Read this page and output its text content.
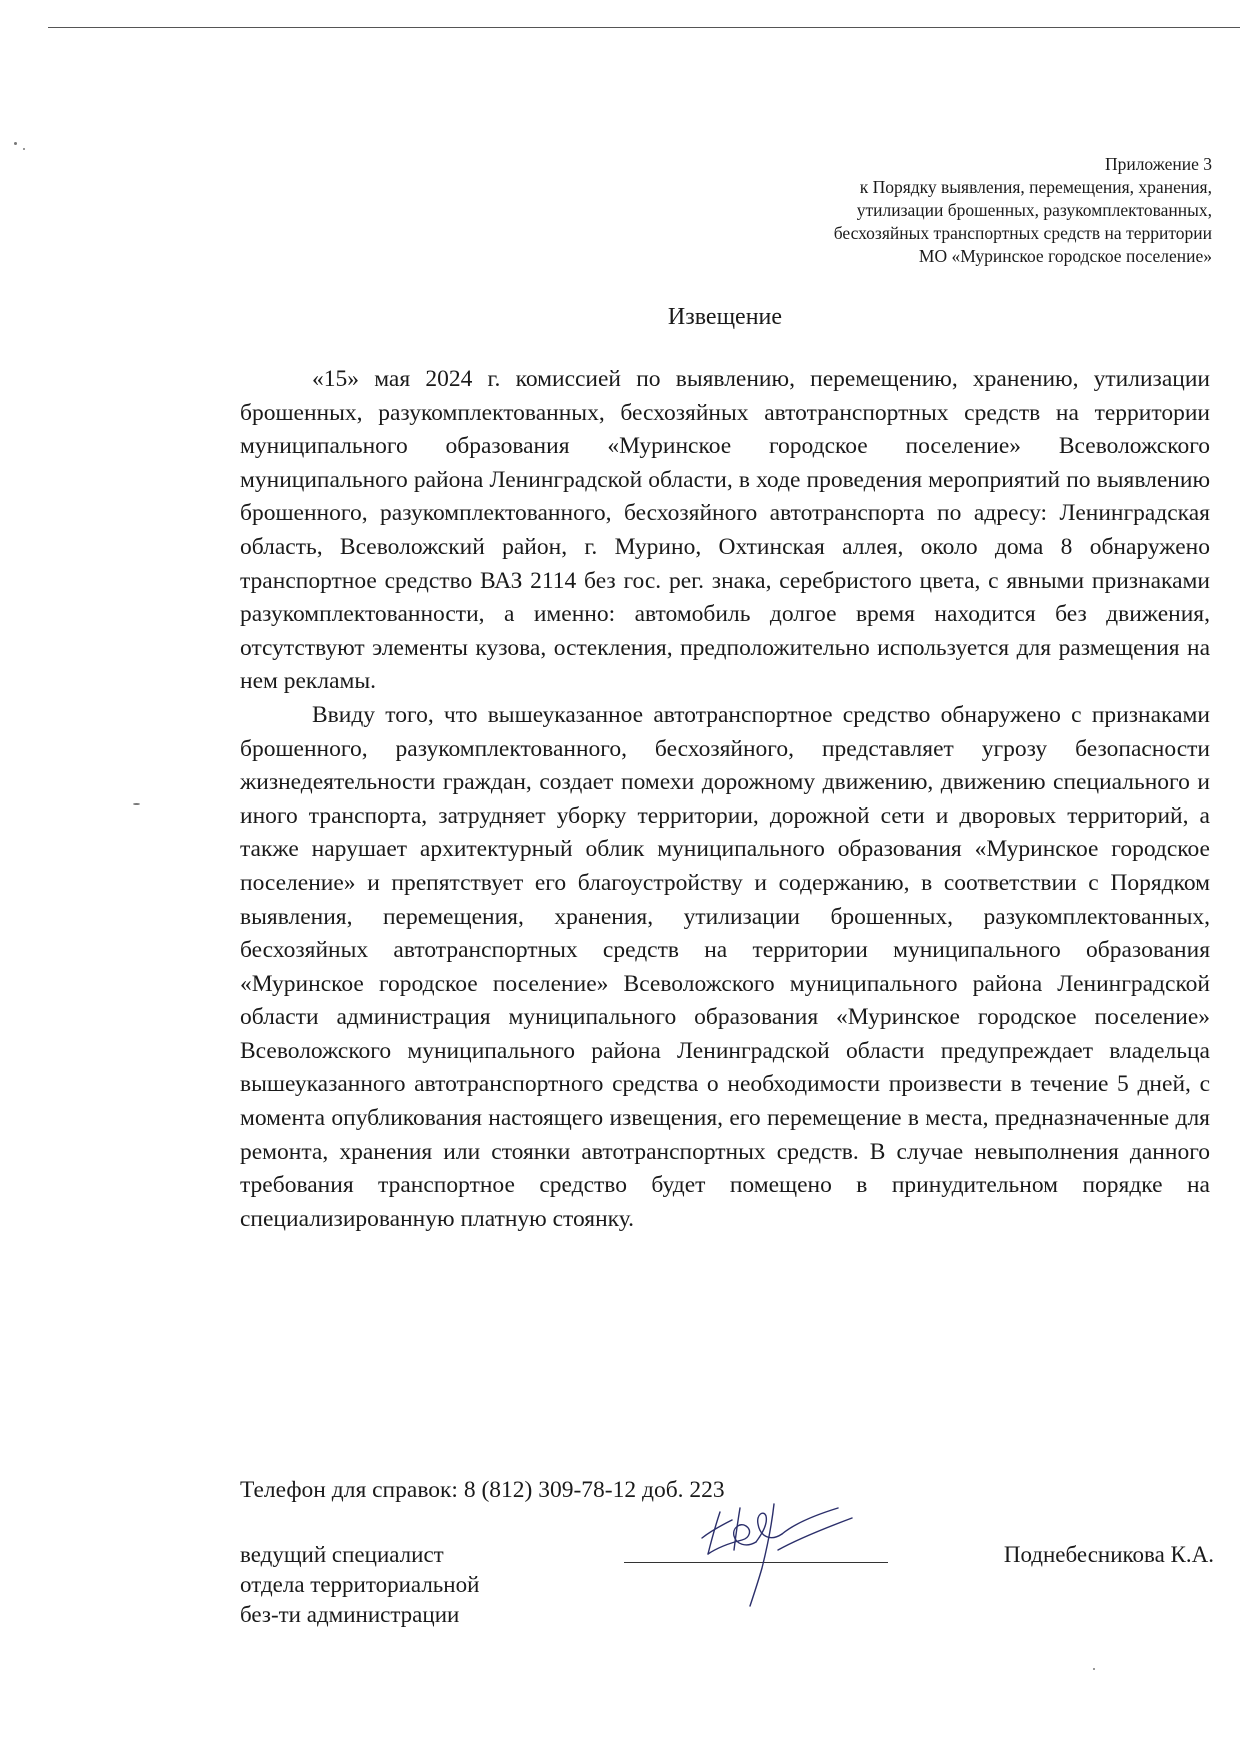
Приложение 3
к Порядку выявления, перемещения, хранения,
утилизации брошенных, разукомплектованных,
бесхозяйных транспортных средств на территории
МО «Муринское городское поселение»
Извещение

«15» мая 2024 г. комиссией по выявлению, перемещению, хранению, утилизации брошенных, разукомплектованных, бесхозяйных автотранспортных средств на территории муниципального образования «Муринское городское поселение» Всеволожского муниципального района Ленинградской области, в ходе проведения мероприятий по выявлению брошенного, разукомплектованного, бесхозяйного автотранспорта по адресу: Ленинградская область, Всеволожский район, г. Мурино, Охтинская аллея, около дома 8 обнаружено транспортное средство ВАЗ 2114 без гос. рег. знака, серебристого цвета, с явными признаками разукомплектованности, а именно: автомобиль долгое время находится без движения, отсутствуют элементы кузова, остекления, предположительно используется для размещения на нем рекламы.

Ввиду того, что вышеуказанное автотранспортное средство обнаружено с признаками брошенного, разукомплектованного, бесхозяйного, представляет угрозу безопасности жизнедеятельности граждан, создает помехи дорожному движению, движению специального и иного транспорта, затрудняет уборку территории, дорожной сети и дворовых территорий, а также нарушает архитектурный облик муниципального образования «Муринское городское поселение» и препятствует его благоустройству и содержанию, в соответствии с Порядком выявления, перемещения, хранения, утилизации брошенных, разукомплектованных, бесхозяйных автотранспортных средств на территории муниципального образования «Муринское городское поселение» Всеволожского муниципального района Ленинградской области администрация муниципального образования «Муринское городское поселение» Всеволожского муниципального района Ленинградской области предупреждает владельца вышеуказанного автотранспортного средства о необходимости произвести в течение 5 дней, с момента опубликования настоящего извещения, его перемещение в места, предназначенные для ремонта, хранения или стоянки автотранспортных средств. В случае невыполнения данного требования транспортное средство будет помещено в принудительном порядке на специализированную платную стоянку.

Телефон для справок: 8 (812) 309-78-12 доб. 223
ведущий специалист
отдела территориальной
без-ти администрации
Поднебесникова К.А.
